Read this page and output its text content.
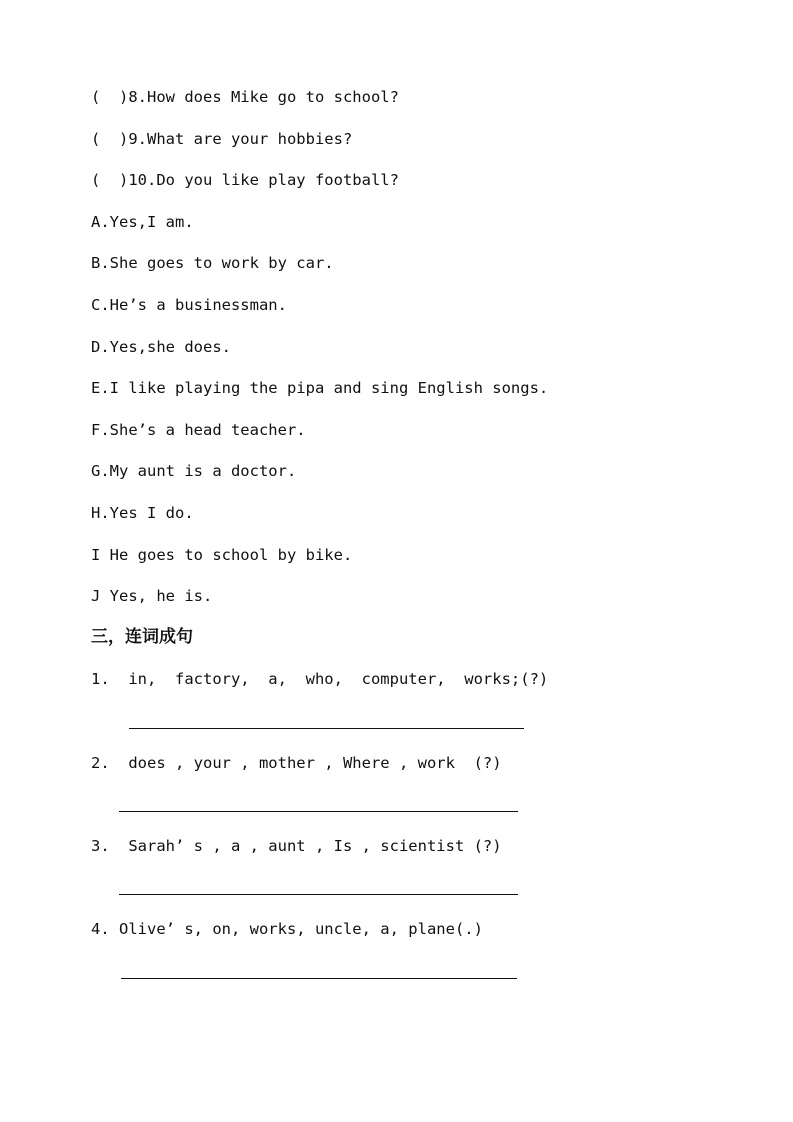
(  )8.How does Mike go to school?
(  )9.What are your hobbies?
(  )10.Do you like play football?
A.Yes,I am.
B.She goes to work by car.
C.He’s a businessman.
D.Yes,she does.
E.I like playing the pipa and sing English songs.
F.She’s a head teacher.
G.My aunt is a doctor.
H.Yes I do.
I He goes to school by bike.
J Yes, he is.
三，连词成句
1.  in,  factory,  a,  who,  computer,  works;(?)
2.  does , your , mother , Where , work  (?)
3.  Sarah’ s , a , aunt , Is , scientist (?)
4. Olive’ s, on, works, uncle, a, plane(.)
